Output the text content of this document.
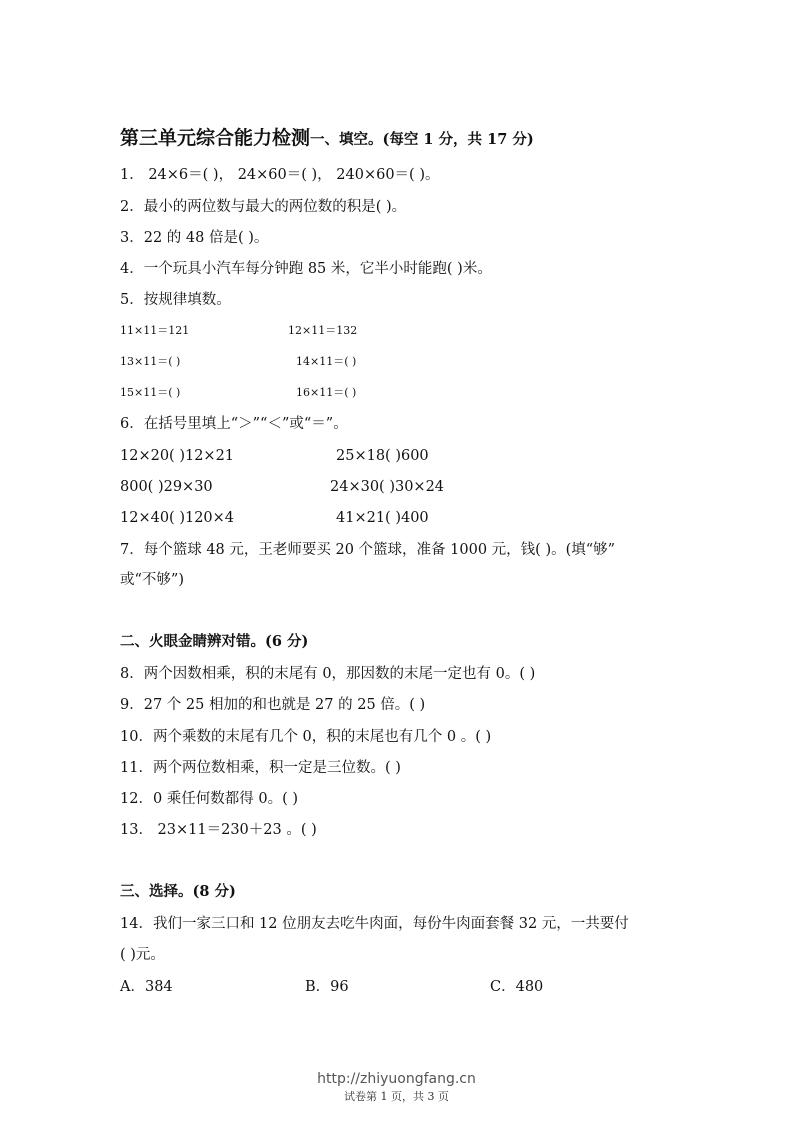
第三单元综合能力检测一、填空。(每空 1 分，共 17 分)
1． 24×6＝( )， 24×60＝( )， 240×60＝( )。
2．最小的两位数与最大的两位数的积是( )。
3．22 的 48 倍是( )。
4．一个玩具小汽车每分钟跑 85 米，它半小时能跑( )米。
5．按规律填数。
11×11＝121	12×11＝132
13×11＝( )	14×11＝( )
15×11＝( )	16×11＝( )
6．在括号里填上“＞”“＜”或“＝”。
12×20( )12×21	25×18( )600
800( )29×30	24×30( )30×24
12×40( )120×4	41×21( )400
7．每个篮球 48 元，王老师要买 20 个篮球，准备 1000 元，钱( )。(填“够”
或“不够”)
二、火眼金睛辨对错。(6 分)
8．两个因数相乘，积的末尾有 0，那因数的末尾一定也有 0。( )
9．27 个 25 相加的和也就是 27 的 25 倍。( )
10．两个乘数的末尾有几个 0，积的末尾也有几个 0 。( )
11．两个两位数相乘，积一定是三位数。( )
12．0 乘任何数都得 0。( )
13． 23×11＝230＋23 。( )
三、选择。(8 分)
14．我们一家三口和 12 位朋友去吃牛肉面，每份牛肉面套餐 32 元，一共要付
( )元。
A．384	B．96	C．480
http://zhiyuongfang.cn
试卷第 1 页，共 3 页
